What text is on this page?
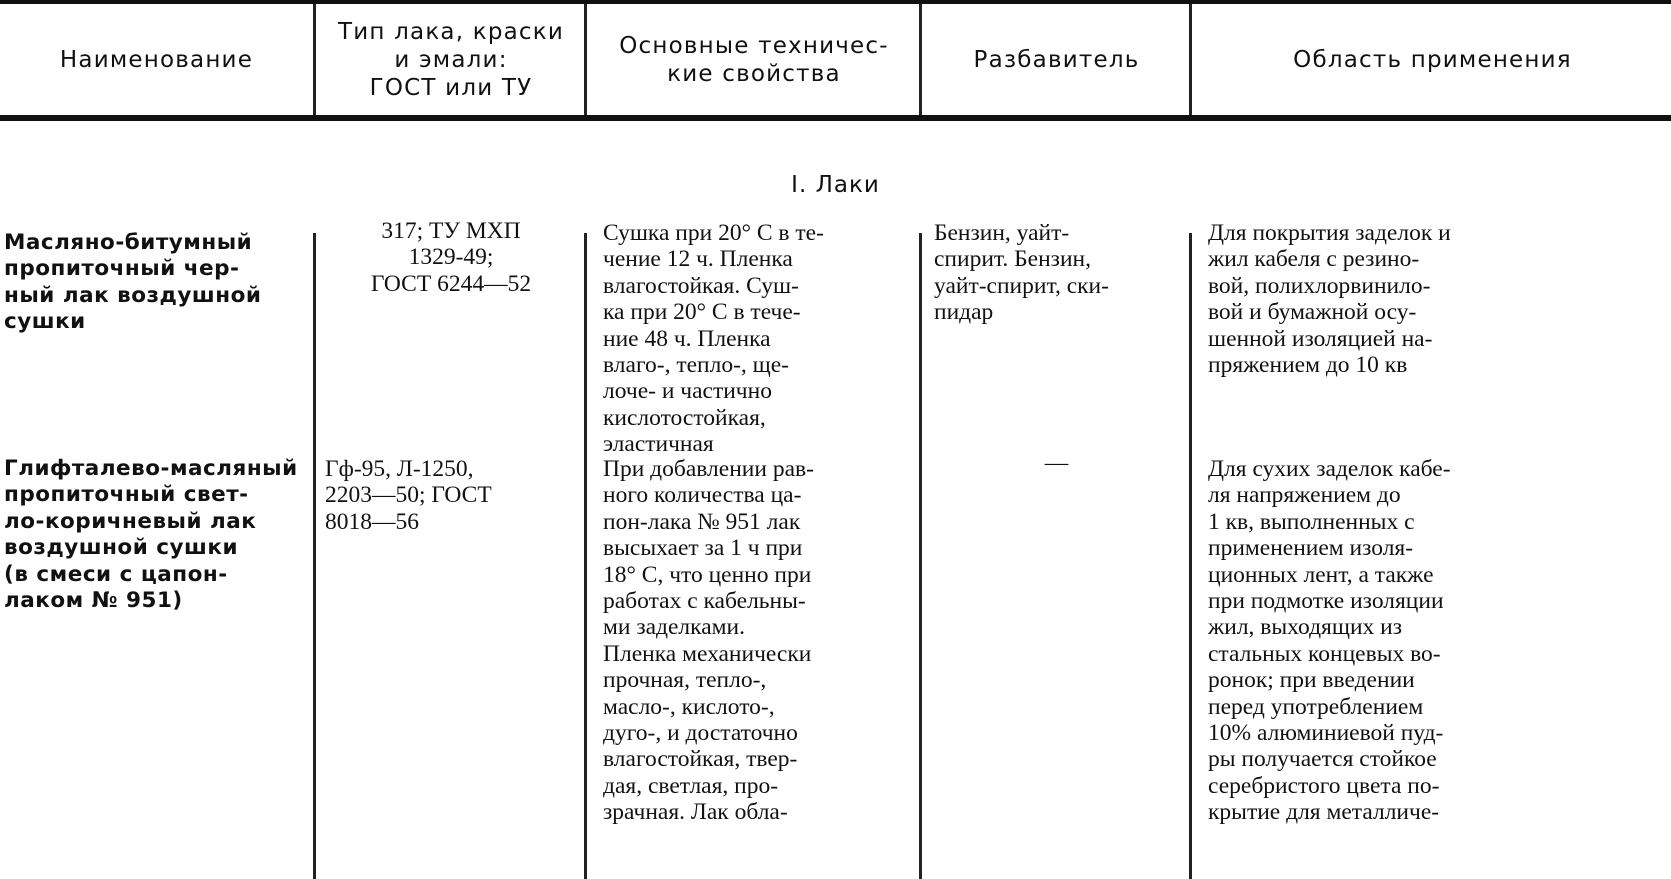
Наименование
Тип лака, краски
и эмали:
ГОСТ или ТУ
Основные техничес-
кие свойства
Разбавитель	Область применения
I. Лаки
Масляно-битумный
пропиточный чер-
ный лак воздушной
сушки
317; ТУ МХП
1329-49;
ГОСТ 6244—52
Сушка при 20° С в те-
чение 12 ч. Пленка
влагостойкая. Суш-
ка при 20° С в тече-
ние 48 ч. Пленка
влаго-, тепло-, ще-
лоче- и частично
кислотостойкая,
эластичная
Бензин, уайт-
спирит. Бензин,
уайт-спирит, ски-
пидар
Для покрытия заделок и
жил кабеля с резино-
вой, полихлорвинило-
вой и бумажной осу-
шенной изоляцией на-
пряжением до 10 кв
Глифталево-масляный
пропиточный свет-
ло-коричневый лак
воздушной сушки
(в смеси с цапон-
лаком № 951)
Гф-95, Л-1250,
2203—50; ГОСТ
8018—56
При добавлении рав-
ного количества ца-
пон-лака № 951 лак
высыхает за 1 ч при
18° С, что ценно при
работах с кабельны-
ми заделками.
Пленка механически
прочная, тепло-,
масло-, кислото-,
дуго-, и достаточно
влагостойкая, твер-
дая, светлая, про-
зрачная. Лак обла-
—	Для сухих заделок кабе-
ля напряжением до
1 кв, выполненных с
применением изоля-
ционных лент, а также
при подмотке изоляции
жил, выходящих из
стальных концевых во-
ронок; при введении
перед употреблением
10% алюминиевой пуд-
ры получается стойкое
серебристого цвета по-
крытие для металличе-
